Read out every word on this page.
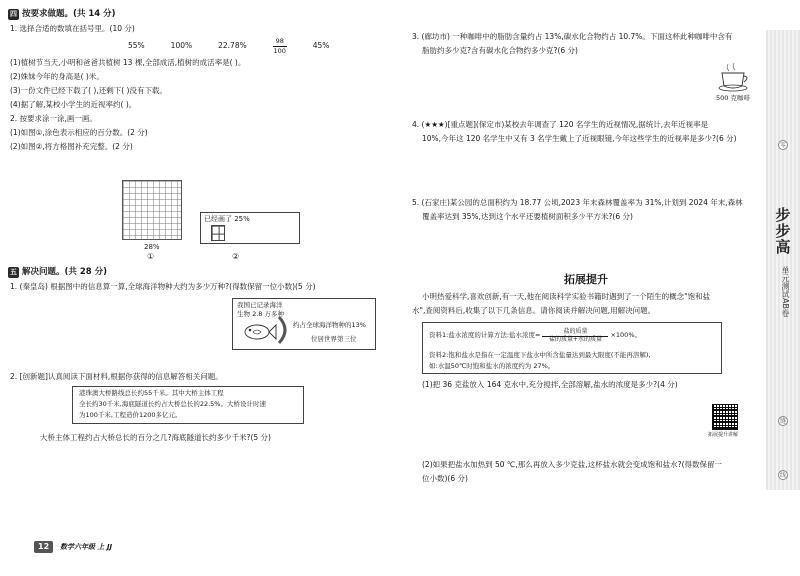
四 按要求做题。(共 14 分)
1. 选择合适的数填在括号里。(10 分)
55%	100%	22.78%	$\frac{98}{100}$	45%
(1)植树节当天,小明和爸爸共植树 13 棵,全部成活,植树的成活率是( )。
(2)姝妹今年的身高是( )米。
(3)一份文件已经下载了( ),还剩下( )没有下载。
(4)据了解,某校小学生的近视率约( )。
2. 按要求涂一涂,画一画。
(1)如图①,涂色表示相应的百分数。(2 分)
(2)如图②,将方格图补充完整。(2 分)
28%
①
已经画了 25%
②
五 解决问题。(共 28 分)
1. (秦皇岛) 根据图中的信息算一算,全球海洋物种大约为多少万种?(得数保留一位小数)(5 分)
我国已记录海洋
生物 2.8 万多种
约占全球海洋物种的13%
位居世界第三位
2. [创新题]认真阅读下面材料,根据你获得的信息解答相关问题。
港珠澳大桥路线总长约55千米。其中大桥主体工程
全长约30千米,海底隧道长约占大桥总长的22.5%。大桥设计时速
为100千米,工程造价1200多亿元。
大桥主体工程约占大桥总长的百分之几?海底隧道长约多少千米?(5 分)
12	数学六年级 上 JJ
3. (廊坊市) 一种咖啡中的脂肪含量约占 13%,碳水化合物约占 10.7%。下面这杯此种咖啡中含有
脂肪约多少克?含有碳水化合物约多少克?(6 分)
500 克咖啡
4. (★★★)[重点题](保定市)某校去年调查了 120 名学生的近视情况,据统计,去年近视率是
10%,今年这 120 名学生中又有 3 名学生戴上了近视眼镜,今年这些学生的近视率是多少?(6 分)
5. (石家庄)某公园的总面积约为 18.77 公顷,2023 年末森林覆盖率为 31%,计划到 2024 年末,森林
覆盖率达到 35%,达到这个水平还要植树面积多少平方米?(6 分)
拓展提升
小明热爱科学,喜欢创新,有一天,他在阅读科学实验书籍时遇到了一个陌生的概念"饱和盐
水",查阅资料后,收集了以下几条信息。请你阅读并解决问题,用解决问题。
资料1:盐水浓度的计算方法:盐水浓度=	盐的质量
盐的质量+水的质量 ×100%。
资料2:饱和盐水是指在一定温度下盐水中所含盐量达到最大限度(不能再溶解),
如:水温50℃时饱和盐水的浓度约为 27%。
(1)把 36 克盐放入 164 克水中,充分搅拌,全部溶解,盐水的浓度是多少?(4 分)
拓展提升讲解
(2)如果把盐水加热到 50 ℃,那么再放入多少克盐,这杯盐水就会变成饱和盐水?(得数保留一
位小数)(6 分)
零
步步高
单元测试AB卷
缝
线
